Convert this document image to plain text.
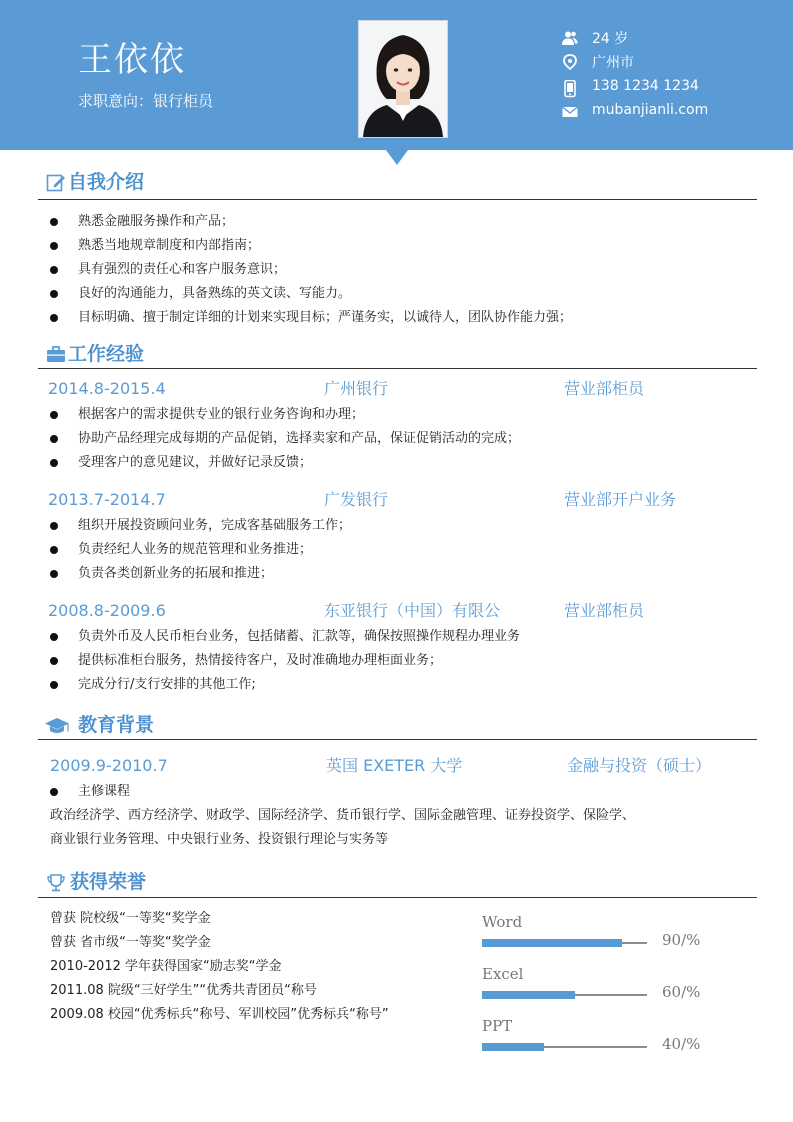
王依依
求职意向：银行柜员
24 岁
广州市
138 1234 1234
mubanjianli.com
自我介绍
熟悉金融服务操作和产品；
熟悉当地规章制度和内部指南；
具有强烈的责任心和客户服务意识；
良好的沟通能力，具备熟练的英文读、写能力。
目标明确、擅于制定详细的计划来实现目标；严谨务实，以诚待人，团队协作能力强；
工作经验
2014.8-2015.4	广州银行	营业部柜员
根据客户的需求提供专业的银行业务咨询和办理；
协助产品经理完成每期的产品促销，选择卖家和产品，保证促销活动的完成；
受理客户的意见建议，并做好记录反馈；
2013.7-2014.7	广发银行	营业部开户业务
组织开展投资顾问业务，完成客基础服务工作；
负责经纪人业务的规范管理和业务推进；
负责各类创新业务的拓展和推进；
2008.8-2009.6	东亚银行（中国）有限公	营业部柜员
负责外币及人民币柜台业务，包括储蓄、汇款等，确保按照操作规程办理业务
提供标准柜台服务，热情接待客户，及时准确地办理柜面业务；
完成分行/支行安排的其他工作;
教育背景
2009.9-2010.7	英国 EXETER 大学	金融与投资（硕士）
主修课程
政治经济学、西方经济学、财政学、国际经济学、货币银行学、国际金融管理、证券投资学、保险学、
商业银行业务管理、中央银行业务、投资银行理论与实务等
获得荣誉
曾获 院校级“一等奖“奖学金
曾获 省市级“一等奖“奖学金
2010-2012 学年获得国家“励志奖“学金
2011.08 院级“三好学生”“优秀共青团员“称号
2009.08 校园“优秀标兵“称号、军训校园”优秀标兵“称号”
Word
90/%
Excel
60/%
PPT
40/%
